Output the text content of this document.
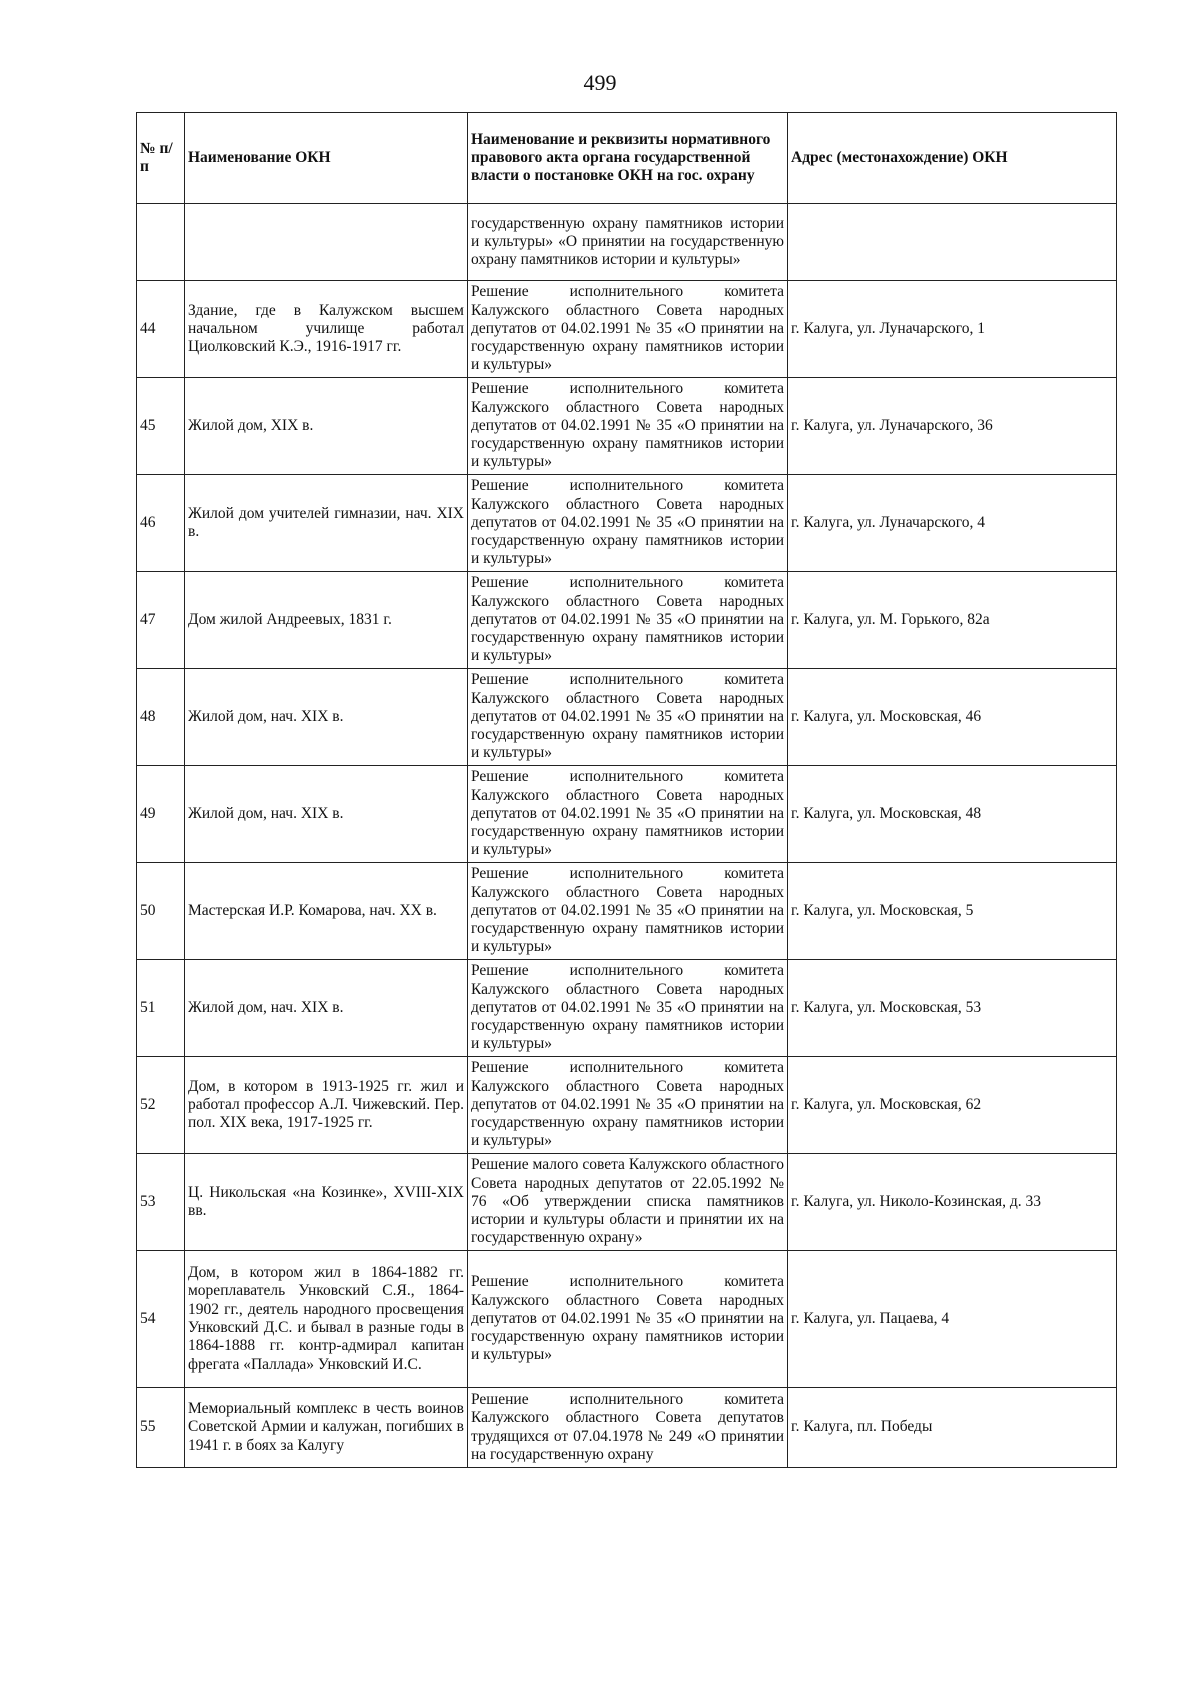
499
№ п/п	Наименование ОКН	Наименование и реквизиты нормативного правового акта органа государственной власти о постановке ОКН на гос. охрану	Адрес (местонахождение) ОКН
		государственную охрану памятников истории и культуры» «О принятии на государственную охрану памятников истории и культуры»	
44	Здание, где в Калужском высшем начальном училище работал Циолковский К.Э., 1916-1917 гг.	Решение исполнительного комитета Калужского областного Совета народных депутатов от 04.02.1991 № 35 «О принятии на государственную охрану памятников истории и культуры»	г. Калуга, ул. Луначарского, 1
45	Жилой дом, XIX в.	Решение исполнительного комитета Калужского областного Совета народных депутатов от 04.02.1991 № 35 «О принятии на государственную охрану памятников истории и культуры»	г. Калуга, ул. Луначарского, 36
46	Жилой дом учителей гимназии, нач. XIX в.	Решение исполнительного комитета Калужского областного Совета народных депутатов от 04.02.1991 № 35 «О принятии на государственную охрану памятников истории и культуры»	г. Калуга, ул. Луначарского, 4
47	Дом жилой Андреевых, 1831 г.	Решение исполнительного комитета Калужского областного Совета народных депутатов от 04.02.1991 № 35 «О принятии на государственную охрану памятников истории и культуры»	г. Калуга, ул. М. Горького, 82а
48	Жилой дом, нач. XIX в.	Решение исполнительного комитета Калужского областного Совета народных депутатов от 04.02.1991 № 35 «О принятии на государственную охрану памятников истории и культуры»	г. Калуга, ул. Московская, 46
49	Жилой дом, нач. XIX в.	Решение исполнительного комитета Калужского областного Совета народных депутатов от 04.02.1991 № 35 «О принятии на государственную охрану памятников истории и культуры»	г. Калуга, ул. Московская, 48
50	Мастерская И.Р. Комарова, нач. XX в.	Решение исполнительного комитета Калужского областного Совета народных депутатов от 04.02.1991 № 35 «О принятии на государственную охрану памятников истории и культуры»	г. Калуга, ул. Московская, 5
51	Жилой дом, нач. XIX в.	Решение исполнительного комитета Калужского областного Совета народных депутатов от 04.02.1991 № 35 «О принятии на государственную охрану памятников истории и культуры»	г. Калуга, ул. Московская, 53
52	Дом, в котором в 1913-1925 гг. жил и работал профессор А.Л. Чижевский. Пер. пол. XIX века, 1917-1925 гг.	Решение исполнительного комитета Калужского областного Совета народных депутатов от 04.02.1991 № 35 «О принятии на государственную охрану памятников истории и культуры»	г. Калуга, ул. Московская, 62
53	Ц. Никольская «на Козинке», XVIII-XIX вв.	Решение малого совета Калужского областного Совета народных депутатов от 22.05.1992 № 76 «Об утверждении списка памятников истории и культуры области и принятии их на государственную охрану»	г. Калуга, ул. Николо-Козинская, д. 33
54	Дом, в котором жил в 1864-1882 гг. мореплаватель Унковский С.Я., 1864-1902 гг., деятель народного просвещения Унковский Д.С. и бывал в разные годы в 1864-1888 гг. контр-адмирал капитан фрегата «Паллада» Унковский И.С.	Решение исполнительного комитета Калужского областного Совета народных депутатов от 04.02.1991 № 35 «О принятии на государственную охрану памятников истории и культуры»	г. Калуга, ул. Пацаева, 4
55	Мемориальный комплекс в честь воинов Советской Армии и калужан, погибших в 1941 г. в боях за Калугу	Решение исполнительного комитета Калужского областного Совета депутатов трудящихся от 07.04.1978 № 249 «О принятии на государственную охрану	г. Калуга, пл. Победы
